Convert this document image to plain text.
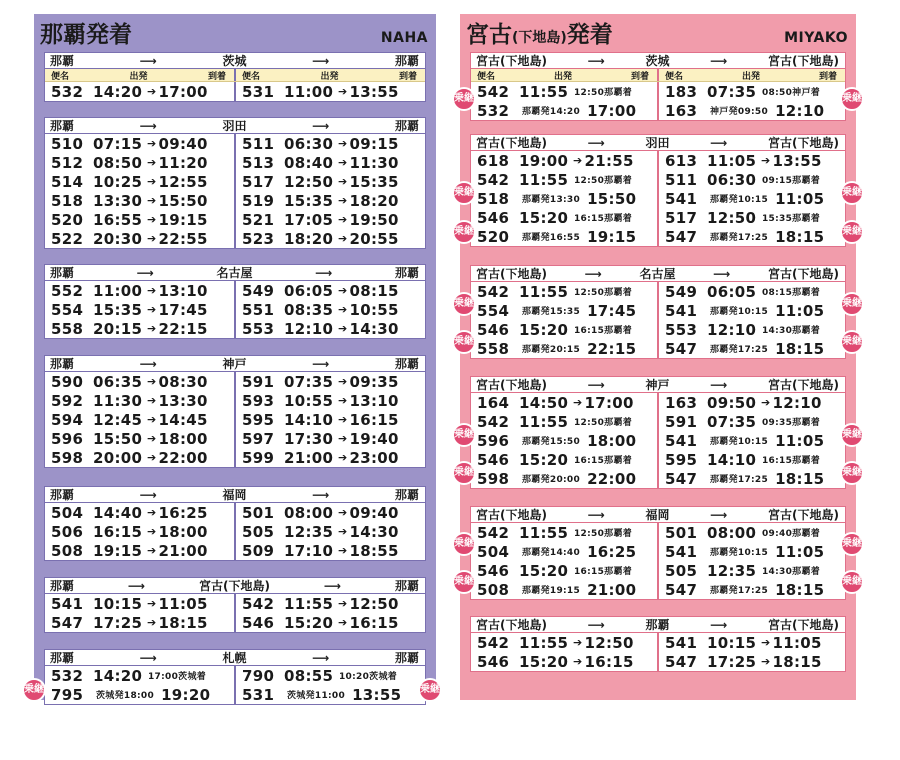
那覇発着	NAHA
那覇	⟶	茨城	⟶	那覇
便名	出発	到着 便名	出発	到着
532 14:20 ➔ 17:00 531 11:00 ➔ 13:55
那覇	⟶	羽田	⟶	那覇
510 07:15 ➔ 09:40 511 06:30 ➔ 09:15
512 08:50 ➔ 11:20 513 08:40 ➔ 11:30
514 10:25 ➔ 12:55 517 12:50 ➔ 15:35
518 13:30 ➔ 15:50 519 15:35 ➔ 18:20
520 16:55 ➔ 19:15 521 17:05 ➔ 19:50
522 20:30 ➔ 22:55 523 18:20 ➔ 20:55
那覇	⟶	名古屋	⟶	那覇
552 11:00 ➔ 13:10 549 06:05 ➔ 08:15
554 15:35 ➔ 17:45 551 08:35 ➔ 10:55
558 20:15 ➔ 22:15 553 12:10 ➔ 14:30
那覇	⟶	神戸	⟶	那覇
590 06:35 ➔ 08:30 591 07:35 ➔ 09:35
592 11:30 ➔ 13:30 593 10:55 ➔ 13:10
594 12:45 ➔ 14:45 595 14:10 ➔ 16:15
596 15:50 ➔ 18:00 597 17:30 ➔ 19:40
598 20:00 ➔ 22:00 599 21:00 ➔ 23:00
那覇	⟶	福岡	⟶	那覇
504 14:40 ➔ 16:25 501 08:00 ➔ 09:40
506 16:15 ➔ 18:00 505 12:35 ➔ 14:30
508 19:15 ➔ 21:00 509 17:10 ➔ 18:55
那覇	⟶	宮古(下地島)	⟶	那覇
541 10:15 ➔ 11:05 542 11:55 ➔ 12:50
547 17:25 ➔ 18:15 546 15:20 ➔ 16:15
那覇	⟶	札幌	⟶	那覇
532 14:20 17:00茨城着 790 08:55 10:20茨城着
795	茨城発18:00 19:20 531	茨城発11:00 13:55
乗継	乗継
宮古(下地島)発着	MIYAKO
宮古(下地島)	⟶	茨城	⟶	宮古(下地島)
便名	出発	到着 便名	出発	到着
542 11:55 12:50那覇着 183 07:35 08:50神戸着
532	那覇発14:20 17:00 163	神戸発09:50 12:10
宮古(下地島)	⟶	羽田	⟶	宮古(下地島)
618 19:00 ➔ 21:55 613 11:05 ➔ 13:55
542 11:55 12:50那覇着 511 06:30 09:15那覇着
518	那覇発13:30 15:50 541	那覇発10:15 11:05
546 15:20 16:15那覇着 517 12:50 15:35那覇着
520	那覇発16:55 19:15 547	那覇発17:25 18:15
宮古(下地島)	⟶	名古屋	⟶	宮古(下地島)
542 11:55 12:50那覇着 549 06:05 08:15那覇着
554	那覇発15:35 17:45 541	那覇発10:15 11:05
546 15:20 16:15那覇着 553 12:10 14:30那覇着
558	那覇発20:15 22:15 547	那覇発17:25 18:15
宮古(下地島)	⟶	神戸	⟶	宮古(下地島)
164 14:50 ➔ 17:00 163 09:50 ➔ 12:10
542 11:55 12:50那覇着 591 07:35 09:35那覇着
596	那覇発15:50 18:00 541	那覇発10:15 11:05
546 15:20 16:15那覇着 595 14:10 16:15那覇着
598	那覇発20:00 22:00 547	那覇発17:25 18:15
宮古(下地島)	⟶	福岡	⟶	宮古(下地島)
542 11:55 12:50那覇着 501 08:00 09:40那覇着
504	那覇発14:40 16:25 541	那覇発10:15 11:05
546 15:20 16:15那覇着 505 12:35 14:30那覇着
508	那覇発19:15 21:00 547	那覇発17:25 18:15
宮古(下地島)	⟶	那覇	⟶	宮古(下地島)
542 11:55 ➔ 12:50 541 10:15 ➔ 11:05
546 15:20 ➔ 16:15 547 17:25 ➔ 18:15
乗継	乗継
乗継	乗継
乗継	乗継
乗継	乗継
乗継	乗継
乗継	乗継
乗継	乗継
乗継	乗継
乗継	乗継
